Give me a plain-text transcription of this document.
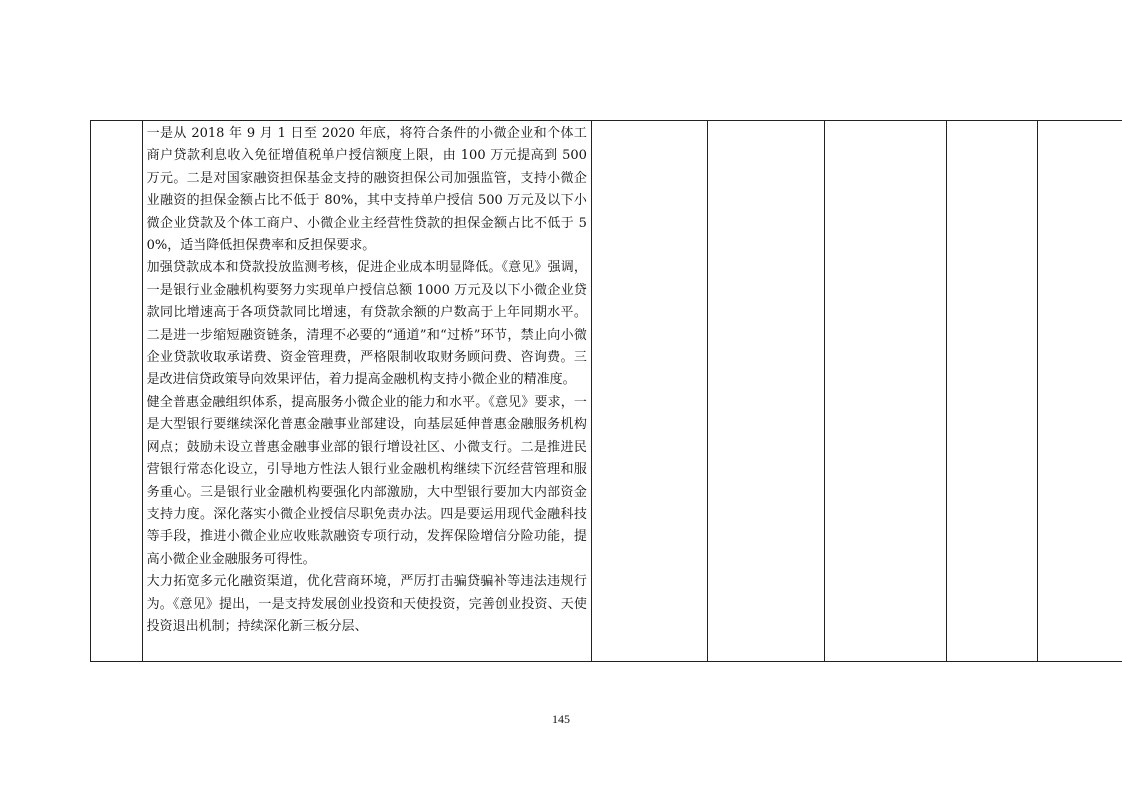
一是从 2018 年 9 月 1 日至 2020 年底，将符合条件的小微企业和个体工商户贷款利息收入免征增值税单户授信额度上限，由 100 万元提高到 500 万元。二是对国家融资担保基金支持的融资担保公司加强监管，支持小微企业融资的担保金额占比不低于 80%，其中支持单户授信 500 万元及以下小微企业贷款及个体工商户、小微企业主经营性贷款的担保金额占比不低于 50%，适当降低担保费率和反担保要求。

加强贷款成本和贷款投放监测考核，促进企业成本明显降低。《意见》强调，一是银行业金融机构要努力实现单户授信总额 1000 万元及以下小微企业贷款同比增速高于各项贷款同比增速，有贷款余额的户数高于上年同期水平。二是进一步缩短融资链条，清理不必要的“通道”和“过桥”环节，禁止向小微企业贷款收取承诺费、资金管理费，严格限制收取财务顾问费、咨询费。三是改进信贷政策导向效果评估，着力提高金融机构支持小微企业的精准度。

健全普惠金融组织体系，提高服务小微企业的能力和水平。《意见》要求，一是大型银行要继续深化普惠金融事业部建设，向基层延伸普惠金融服务机构网点；鼓励未设立普惠金融事业部的银行增设社区、小微支行。二是推进民营银行常态化设立，引导地方性法人银行业金融机构继续下沉经营管理和服务重心。三是银行业金融机构要强化内部激励，大中型银行要加大内部资金支持力度。深化落实小微企业授信尽职免责办法。四是要运用现代金融科技等手段，推进小微企业应收账款融资专项行动，发挥保险增信分险功能，提高小微企业金融服务可得性。

大力拓宽多元化融资渠道，优化营商环境，严厉打击骗贷骗补等违法违规行为。《意见》提出，一是支持发展创业投资和天使投资，完善创业投资、天使投资退出机制；持续深化新三板分层、

145
